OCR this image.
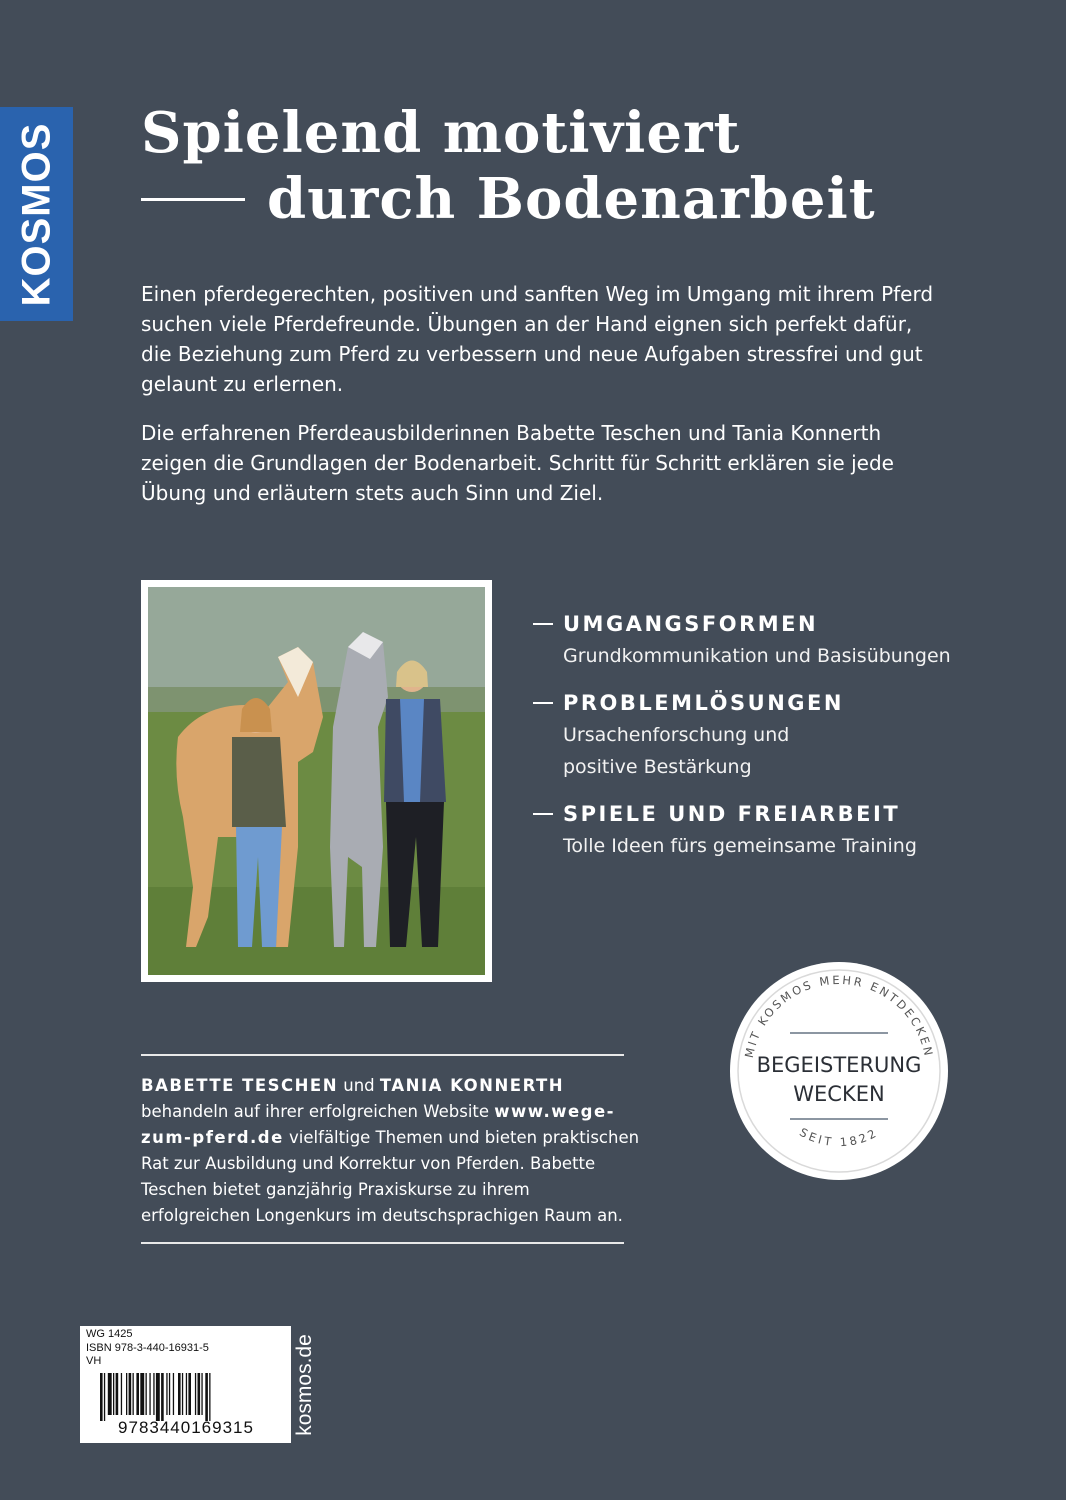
KOSMOS Spielend motiviert
durch Bodenarbeit

Einen pferdegerechten, positiven und sanften Weg im Umgang mit ihrem Pferd suchen viele Pferdefreunde. Übungen an der Hand eignen sich perfekt dafür, die Beziehung zum Pferd zu verbessern und neue Aufgaben stressfrei und gut gelaunt zu erlernen.

Die erfahrenen Pferdeausbilderinnen Babette Teschen und Tania Konnerth zeigen die Grundlagen der Bodenarbeit. Schritt für Schritt erklären sie jede Übung und erläutern stets auch Sinn und Ziel.

UMGANGSFORMEN
Grundkommunikation und Basisübungen
PROBLEMLÖSUNGEN
Ursachenforschung und positive Bestärkung
SPIELE UND FREIARBEIT
Tolle Ideen fürs gemeinsame Training
MIT KOSMOS MEHR ENTDECKEN
BEGEISTERUNG
WECKEN
SEIT 1822
BABETTE TESCHEN und TANIA KONNERTH behandeln auf ihrer erfolgreichen Website www.wege-zum-pferd.de vielfältige Themen und bieten praktischen Rat zur Ausbildung und Korrektur von Pferden. Babette Teschen bietet ganzjährig Praxiskurse zu ihrem erfolgreichen Longenkurs im deutschsprachigen Raum an.
WG 1425
ISBN 978-3-440-16931-5
VH
9783440169315 kosmos.de
